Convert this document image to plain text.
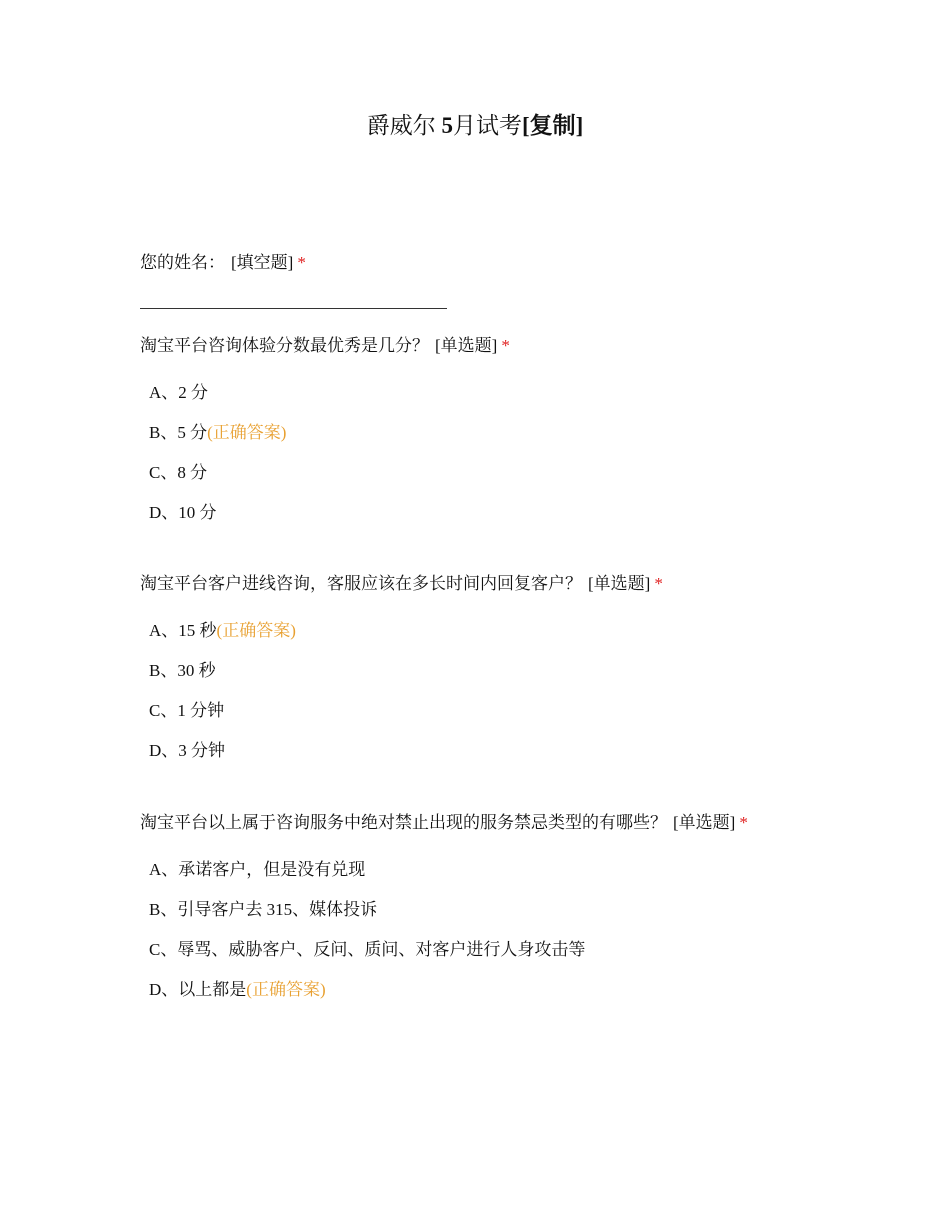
爵威尔 5月试考[复制]

您的姓名： [填空题] *

淘宝平台咨询体验分数最优秀是几分？ [单选题] *

A、2 分
B、5 分(正确答案)
C、8 分
D、10 分

淘宝平台客户进线咨询，客服应该在多长时间内回复客户？ [单选题] *

A、15 秒(正确答案)
B、30 秒
C、1 分钟
D、3 分钟

淘宝平台以上属于咨询服务中绝对禁止出现的服务禁忌类型的有哪些？ [单选题] *

A、承诺客户，但是没有兑现
B、引导客户去 315、媒体投诉
C、辱骂、威胁客户、反问、质问、对客户进行人身攻击等
D、以上都是(正确答案)
